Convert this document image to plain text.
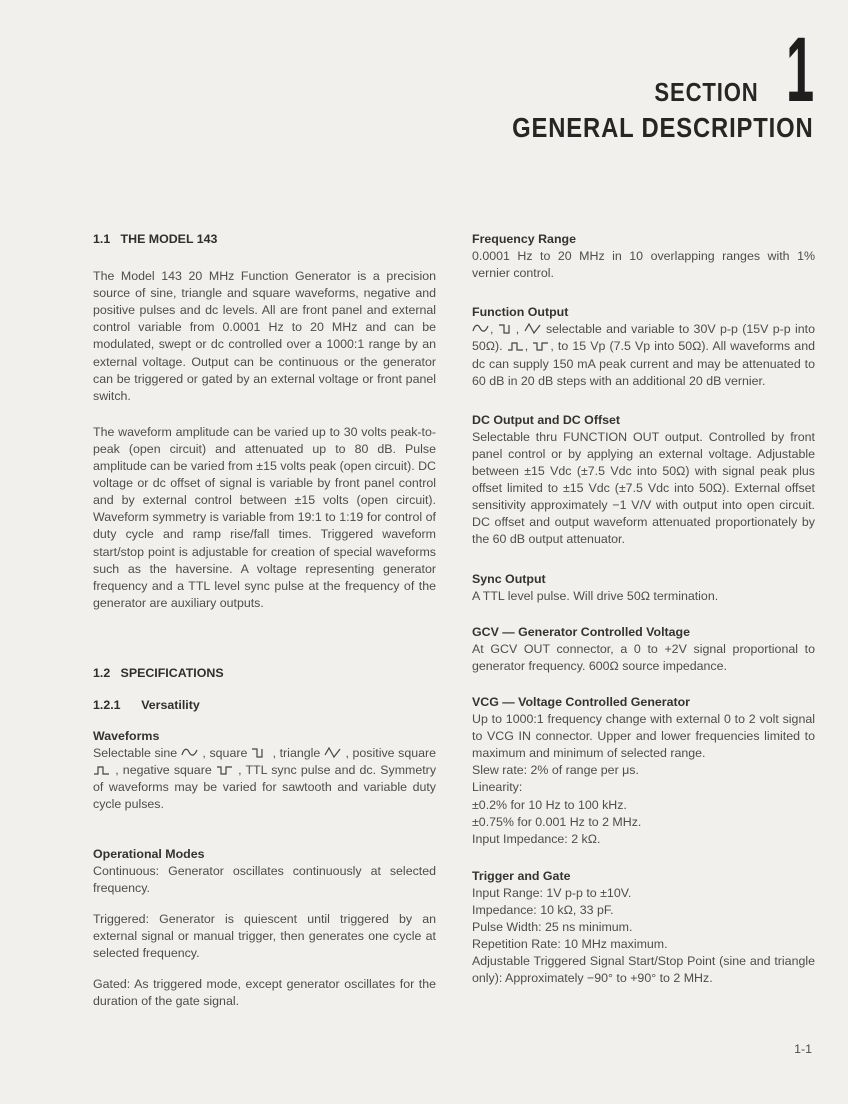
SECTION 1
GENERAL DESCRIPTION
1.1   THE MODEL 143

The Model 143 20 MHz Function Generator is a precision source of sine, triangle and square waveforms, negative and positive pulses and dc levels. All are front panel and external control variable from 0.0001 Hz to 20 MHz and can be modulated, swept or dc controlled over a 1000:1 range by an external voltage. Output can be continuous or the generator can be triggered or gated by an external voltage or front panel switch.

The waveform amplitude can be varied up to 30 volts peak-to-peak (open circuit) and attenuated up to 80 dB. Pulse amplitude can be varied from ±15 volts peak (open circuit). DC voltage or dc offset of signal is variable by front panel control and by external control between ±15 volts (open circuit). Waveform symmetry is variable from 19:1 to 1:19 for control of duty cycle and ramp rise/fall times. Triggered waveform start/stop point is adjustable for creation of special waveforms such as the haversine. A voltage representing generator frequency and a TTL level sync pulse at the frequency of the generator are auxiliary outputs.

1.2   SPECIFICATIONS
1.2.1      Versatility
Waveforms

Selectable sine , square , triangle , positive square  , negative square , TTL sync pulse and dc. Symmetry of waveforms may be varied for sawtooth and variable duty cycle pulses.

Operational Modes

Continuous: Generator oscillates continuously at selected frequency.

Triggered: Generator is quiescent until triggered by an external signal or manual trigger, then generates one cycle at selected frequency.

Gated: As triggered mode, except generator oscillates for the duration of the gate signal.

Frequency Range

0.0001 Hz to 20 MHz in 10 overlapping ranges with 1% vernier control.

Function Output

, ,  selectable and variable to 30V p-p (15V p-p into 50Ω). , , to 15 Vp (7.5 Vp into 50Ω). All waveforms and dc can supply 150 mA peak current and may be attenuated to 60 dB in 20 dB steps with an additional 20 dB vernier.

DC Output and DC Offset

Selectable thru FUNCTION OUT output. Controlled by front panel control or by applying an external voltage. Adjustable between ±15 Vdc (±7.5 Vdc into 50Ω) with signal peak plus offset limited to ±15 Vdc (±7.5 Vdc into 50Ω). External offset sensitivity approximately −1 V/V with output into open circuit. DC offset and output waveform attenuated proportionately by the 60 dB output attenuator.

Sync Output

A TTL level pulse. Will drive 50Ω termination.

GCV — Generator Controlled Voltage

At GCV OUT connector, a 0 to +2V signal proportional to generator frequency. 600Ω source impedance.

VCG — Voltage Controlled Generator

Up to 1000:1 frequency change with external 0 to 2 volt signal to VCG IN connector. Upper and lower frequencies limited to maximum and minimum of selected range.

Slew rate: 2% of range per μs.
Linearity:
±0.2% for 10 Hz to 100 kHz.
±0.75% for 0.001 Hz to 2 MHz.
Input Impedance: 2 kΩ.
Trigger and Gate
Input Range: 1V p-p to ±10V.
Impedance: 10 kΩ, 33 pF.
Pulse Width: 25 ns minimum.
Repetition Rate: 10 MHz maximum.

Adjustable Triggered Signal Start/Stop Point (sine and triangle only): Approximately −90° to +90° to 2 MHz.

1-1
